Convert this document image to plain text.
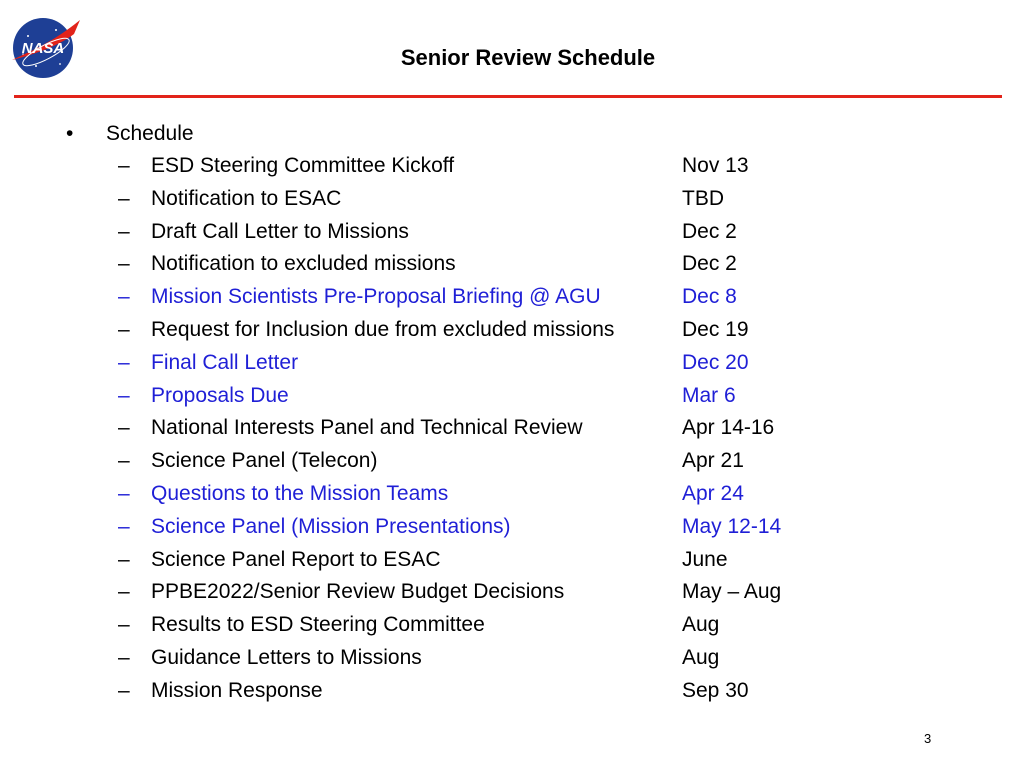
NASA	Senior Review Schedule
• Schedule
– ESD Steering Committee Kickoff	Nov 13
– Notification to ESAC	TBD
– Draft Call Letter to Missions	Dec 2
– Notification to excluded missions	Dec 2
– Mission Scientists Pre-Proposal Briefing @ AGU	Dec 8
– Request for Inclusion due from excluded missions	Dec 19
– Final Call Letter	Dec 20
– Proposals Due	Mar 6
– National Interests Panel and Technical Review	Apr 14-16
– Science Panel (Telecon)	Apr 21
– Questions to the Mission Teams	Apr 24
– Science Panel (Mission Presentations)	May 12-14
– Science Panel Report to ESAC	June
– PPBE2022/Senior Review Budget Decisions	May – Aug
– Results to ESD Steering Committee	Aug
– Guidance Letters to Missions	Aug
– Mission Response	Sep 30
3
